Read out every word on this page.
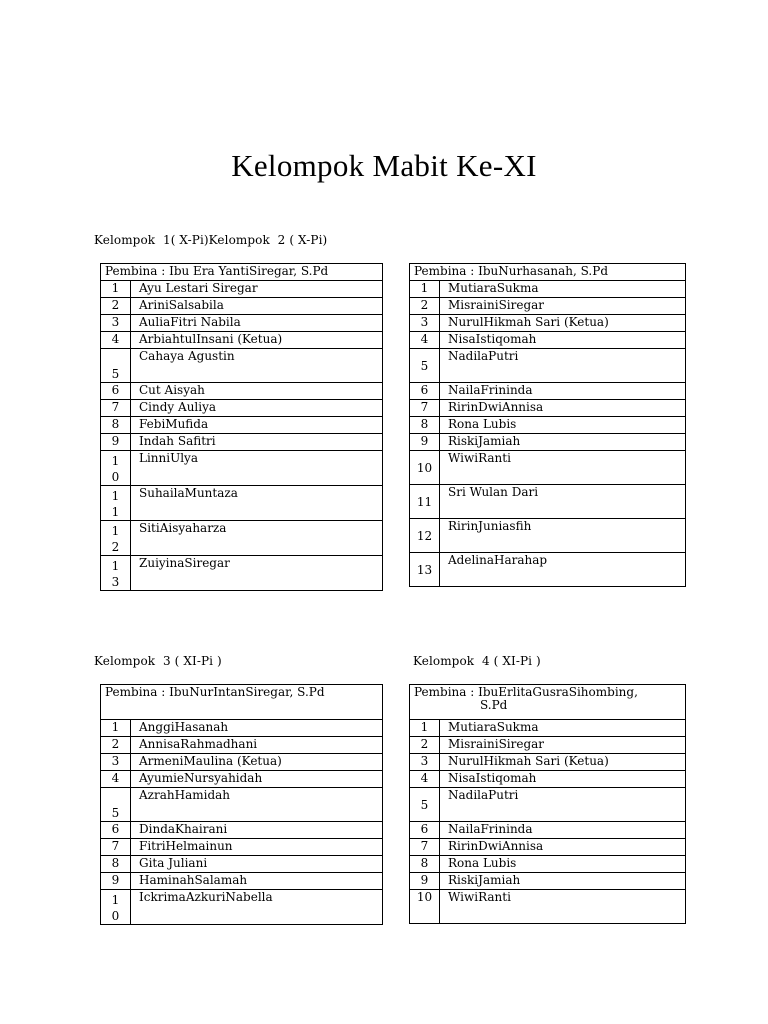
Kelompok Mabit Ke-XI
Kelompok  1( X-Pi)Kelompok  2 ( X-Pi)
Kelompok  3 ( XI-Pi )	Kelompok  4 ( XI-Pi )
Pembina : Ibu Era YantiSiregar, S.Pd	
1	Ayu Lestari Siregar
2	AriniSalsabila
3	AuliaFitri Nabila
4	ArbiahtulInsani (Ketua)
5	Cahaya Agustin
6	Cut Aisyah
7	Cindy Auliya
8	FebiMufida
9	Indah Safitri

1
0	LinniUlya

1
1	SuhailaMuntaza

1
2	SitiAisyaharza

1
3	ZuiyinaSiregar
Pembina : IbuNurhasanah, S.Pd	
1	MutiaraSukma
2	MisrainiSiregar
3	NurulHikmah Sari (Ketua)
4	NisaIstiqomah
5	NadilaPutri
6	NailaFrininda
7	RirinDwiAnnisa
8	Rona Lubis
9	RiskiJamiah
10	WiwiRanti
11	Sri Wulan Dari
12	RirinJuniasfih
13	AdelinaHarahap
Pembina : IbuNurIntanSiregar, S.Pd	
1	AnggiHasanah
2	AnnisaRahmadhani
3	ArmeniMaulina (Ketua)
4	AyumieNursyahidah
5	AzrahHamidah
6	DindaKhairani
7	FitriHelmainun
8	Gita Juliani
9	HaminahSalamah

1
0	IckrimaAzkuriNabella
Pembina : IbuErlitaGusraSihombing,
S.Pd	

1	MutiaraSukma
2	MisrainiSiregar
3	NurulHikmah Sari (Ketua)
4	NisaIstiqomah
5	NadilaPutri
6	NailaFrininda
7	RirinDwiAnnisa
8	Rona Lubis
9	RiskiJamiah
10	WiwiRanti
